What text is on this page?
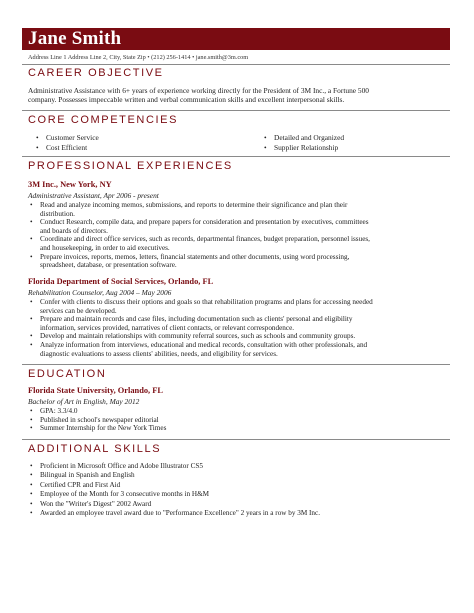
Jane Smith
Address Line 1 Address Line 2, City, State Zip • (212) 256-1414 • jane.smith@3m.com
CAREER OBJECTIVE
Administrative Assistance with 6+ years of experience working directly for the President of 3M Inc., a Fortune 500
company. Possesses impeccable written and verbal communication skills and excellent interpersonal skills.
CORE COMPETENCIES
• Customer Service
• Cost Efficient
• Detailed and Organized
• Supplier Relationship
PROFESSIONAL EXPERIENCES
3M Inc., New York, NY
Administrative Assistant, Apr 2006 - present
• Read and analyze incoming memos, submissions, and reports to determine their significance and plan their
distribution.
• Conduct Research, compile data, and prepare papers for consideration and presentation by executives, committees
and boards of directors.
• Coordinate and direct office services, such as records, departmental finances, budget preparation, personnel issues,
and housekeeping, in order to aid executives.
• Prepare invoices, reports, memos, letters, financial statements and other documents, using word processing,
spreadsheet, database, or presentation software.
Florida Department of Social Services, Orlando, FL
Rehabilitation Counselor, Aug 2004 – May 2006
• Confer with clients to discuss their options and goals so that rehabilitation programs and plans for accessing needed
services can be developed.
• Prepare and maintain records and case files, including documentation such as clients' personal and eligibility
information, services provided, narratives of client contacts, or relevant correspondence.
• Develop and maintain relationships with community referral sources, such as schools and community groups.
• Analyze information from interviews, educational and medical records, consultation with other professionals, and
diagnostic evaluations to assess clients' abilities, needs, and eligibility for services.
EDUCATION
Florida State University, Orlando, FL
Bachelor of Art in English, May 2012
• GPA: 3.3/4.0
• Published in school's newspaper editorial
• Summer Internship for the New York Times
ADDITIONAL SKILLS
• Proficient in Microsoft Office and Adobe Illustrator CS5
• Bilingual in Spanish and English
• Certified CPR and First Aid
• Employee of the Month for 3 consecutive months in H&M
• Won the "Writer's Digest" 2002 Award
• Awarded an employee travel award due to "Performance Excellence" 2 years in a row by 3M Inc.
